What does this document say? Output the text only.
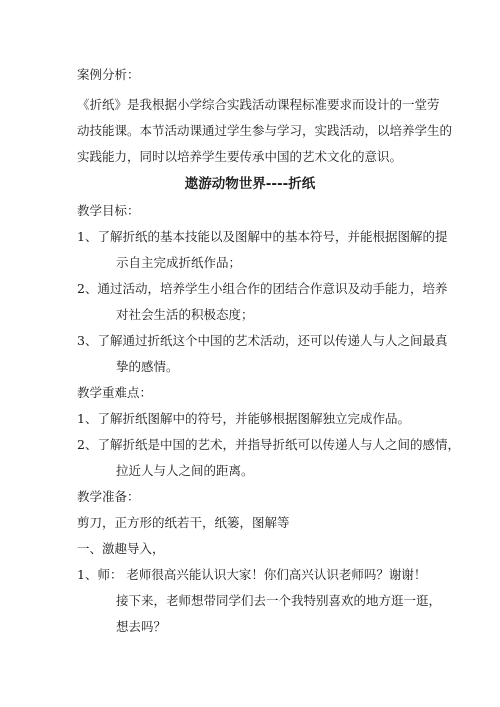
案例分析：
《折纸》是我根据小学综合实践活动课程标准要求而设计的一堂劳
动技能课。本节活动课通过学生参与学习，实践活动，以培养学生的
实践能力，同时以培养学生要传承中国的艺术文化的意识。
遨游动物世界----折纸
教学目标：
1、了解折纸的基本技能以及图解中的基本符号，并能根据图解的提
示自主完成折纸作品；
2、通过活动，培养学生小组合作的团结合作意识及动手能力，培养
对社会生活的积极态度；
3、了解通过折纸这个中国的艺术活动，还可以传递人与人之间最真
挚的感情。
教学重难点：
1、了解折纸图解中的符号，并能够根据图解独立完成作品。
2、了解折纸是中国的艺术，并指导折纸可以传递人与人之间的感情，
拉近人与人之间的距离。
教学准备：
剪刀，正方形的纸若干，纸篓，图解等
一、激趣导入，
1、师： 老师很高兴能认识大家！你们高兴认识老师吗？谢谢！
接下来，老师想带同学们去一个我特别喜欢的地方逛一逛，
想去吗？
